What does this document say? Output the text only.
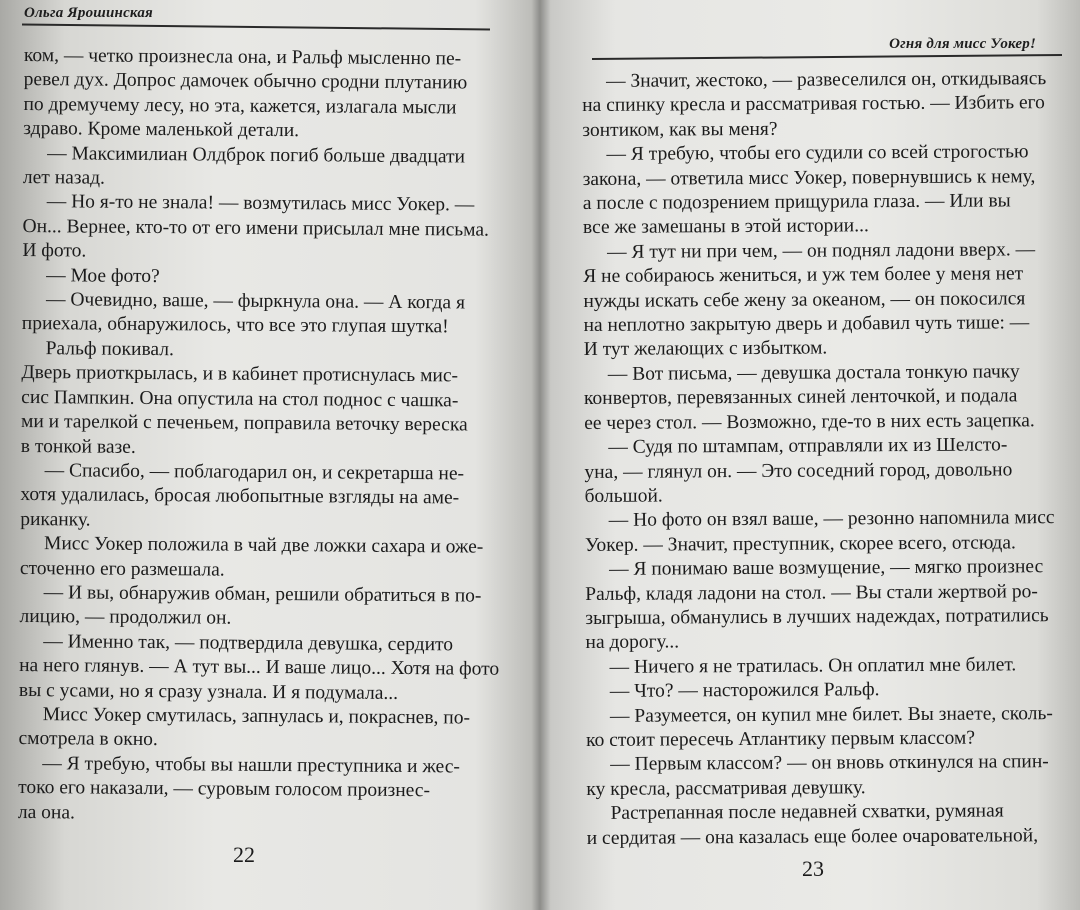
Ольга Ярошинская

ком, — четко произнесла она, и Ральф мысленно пе-

ревел дух. Допрос дамочек обычно сродни плутанию

по дремучему лесу, но эта, кажется, излагала мысли

здраво. Кроме маленькой детали.

— Максимилиан Олдброк погиб больше двадцати

лет назад.

— Но я-то не знала! — возмутилась мисс Уокер. —

Он... Вернее, кто-то от его имени присылал мне письма.

И фото.

— Мое фото?

— Очевидно, ваше, — фыркнула она. — А когда я

приехала, обнаружилось, что все это глупая шутка!

Ральф покивал.

Дверь приоткрылась, и в кабинет протиснулась мис-

сис Пампкин. Она опустила на стол поднос с чашка-

ми и тарелкой с печеньем, поправила веточку вереска

в тонкой вазе.

— Спасибо, — поблагодарил он, и секретарша не-

хотя удалилась, бросая любопытные взгляды на аме-

риканку.

Мисс Уокер положила в чай две ложки сахара и оже-

сточенно его размешала.

— И вы, обнаружив обман, решили обратиться в по-

лицию, — продолжил он.

— Именно так, — подтвердила девушка, сердито

на него глянув. — А тут вы... И ваше лицо... Хотя на фото

вы с усами, но я сразу узнала. И я подумала...

Мисс Уокер смутилась, запнулась и, покраснев, по-

смотрела в окно.

— Я требую, чтобы вы нашли преступника и жес-

токо его наказали, — суровым голосом произнес-

ла она.

22
Огня для мисс Уокер!

— Значит, жестоко, — развеселился он, откидываясь

на спинку кресла и рассматривая гостью. — Избить его

зонтиком, как вы меня?

— Я требую, чтобы его судили со всей строгостью

закона, — ответила мисс Уокер, повернувшись к нему,

а после с подозрением прищурила глаза. — Или вы

все же замешаны в этой истории...

— Я тут ни при чем, — он поднял ладони вверх. —

Я не собираюсь жениться, и уж тем более у меня нет

нужды искать себе жену за океаном, — он покосился

на неплотно закрытую дверь и добавил чуть тише: —

И тут желающих с избытком.

— Вот письма, — девушка достала тонкую пачку

конвертов, перевязанных синей ленточкой, и подала

ее через стол. — Возможно, где-то в них есть зацепка.

— Судя по штампам, отправляли их из Шелсто-

уна, — глянул он. — Это соседний город, довольно

большой.

— Но фото он взял ваше, — резонно напомнила мисс

Уокер. — Значит, преступник, скорее всего, отсюда.

— Я понимаю ваше возмущение, — мягко произнес

Ральф, кладя ладони на стол. — Вы стали жертвой ро-

зыгрыша, обманулись в лучших надеждах, потратились

на дорогу...

— Ничего я не тратилась. Он оплатил мне билет.

— Что? — насторожился Ральф.

— Разумеется, он купил мне билет. Вы знаете, сколь-

ко стоит пересечь Атлантику первым классом?

— Первым классом? — он вновь откинулся на спин-

ку кресла, рассматривая девушку.

Растрепанная после недавней схватки, румяная

и сердитая — она казалась еще более очаровательной,

23
